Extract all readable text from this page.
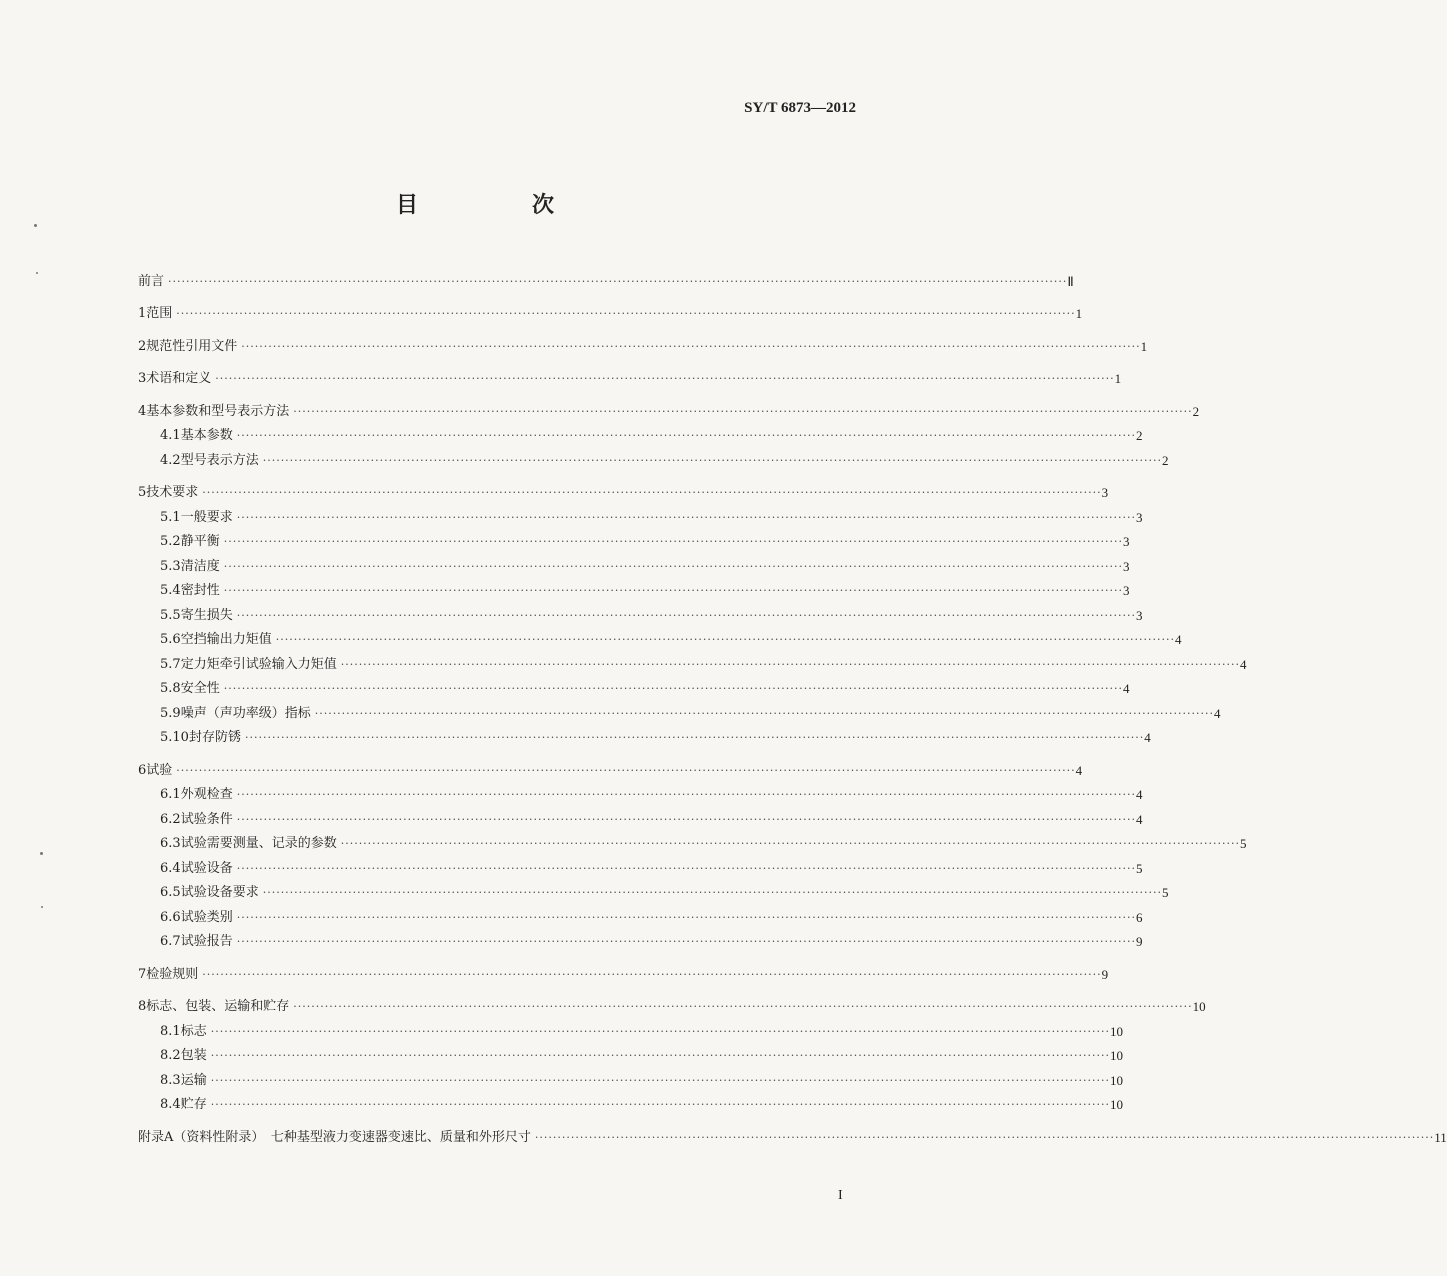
SY/T 6873—2012
目　次
前言 ········································································································································································································ Ⅱ
1 范围 ········································································································································································································ 1
2 规范性引用文件 ········································································································································································································ 1
3 术语和定义 ········································································································································································································ 1
4 基本参数和型号表示方法 ········································································································································································································ 2
4.1 基本参数 ········································································································································································································ 2
4.2 型号表示方法 ········································································································································································································ 2
5 技术要求 ········································································································································································································ 3
5.1 一般要求 ········································································································································································································ 3
5.2 静平衡 ········································································································································································································ 3
5.3 清洁度 ········································································································································································································ 3
5.4 密封性 ········································································································································································································ 3
5.5 寄生损失 ········································································································································································································ 3
5.6 空挡输出力矩值 ········································································································································································································ 4
5.7 定力矩牵引试验输入力矩值 ········································································································································································································ 4
5.8 安全性 ········································································································································································································ 4
5.9 噪声（声功率级）指标 ········································································································································································································ 4
5.10 封存防锈 ········································································································································································································ 4
6 试验 ········································································································································································································ 4
6.1 外观检查 ········································································································································································································ 4
6.2 试验条件 ········································································································································································································ 4
6.3 试验需要测量、记录的参数 ········································································································································································································ 5
6.4 试验设备 ········································································································································································································ 5
6.5 试验设备要求 ········································································································································································································ 5
6.6 试验类别 ········································································································································································································ 6
6.7 试验报告 ········································································································································································································ 9
7 检验规则 ········································································································································································································ 9
8 标志、包装、运输和贮存 ········································································································································································································ 10
8.1 标志 ········································································································································································································ 10
8.2 包装 ········································································································································································································ 10
8.3 运输 ········································································································································································································ 10
8.4 贮存 ········································································································································································································ 10
附录A（资料性附录）　七种基型液力变速器变速比、质量和外形尺寸 ········································································································································································································ 11
I
